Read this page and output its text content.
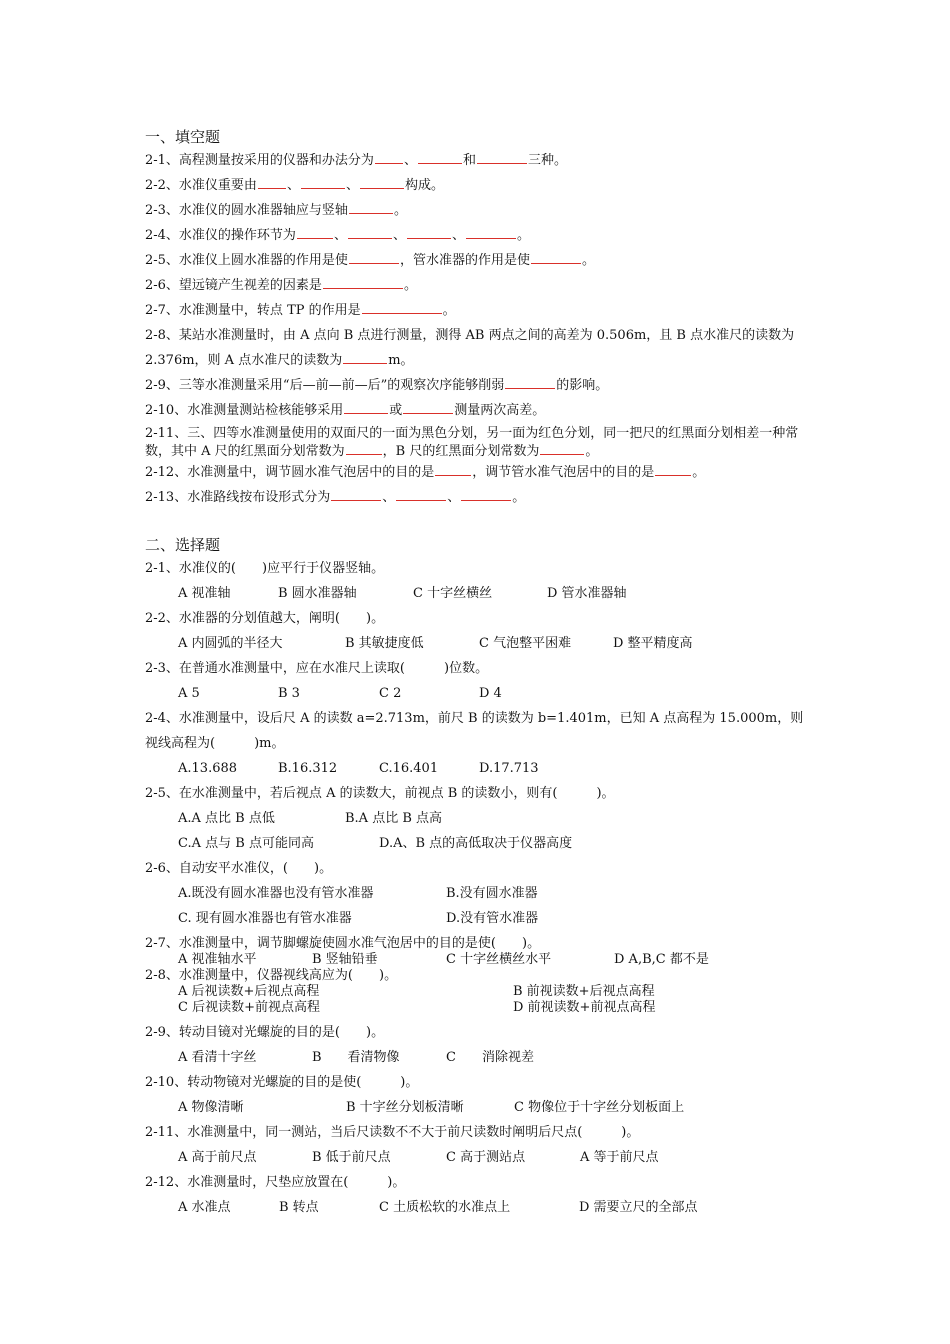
一、填空题
2-1、高程测量按采用的仪器和办法分为 、	和	三种。
2-2、水准仪重要由 、	、	构成。
2-3、水准仪的圆水准器轴应与竖轴	。
2-4、水准仪的操作环节为	、	、	、	。
2-5、水准仪上圆水准器的作用是使	，管水准器的作用是使	。
2-6、望远镜产生视差的因素是	。
2-7、水准测量中，转点 TP 的作用是	。
2-8、某站水准测量时，由 A 点向 B 点进行测量，测得 AB 两点之间的高差为 0.506m，且 B 点水准尺的读数为 2.376m，则 A 点水准尺的读数为	m。
2-9、三等水准测量采用“后—前—前—后”的观察次序能够削弱	的影响。
2-10、水准测量测站检核能够采用	或	测量两次高差。
2-11、三、四等水准测量使用的双面尺的一面为黑色分划，另一面为红色分划，同一把尺的红黑面分划相差一种常数，其中 A 尺的红黑面分划常数为	，B 尺的红黑面分划常数为	。
2-12、水准测量中，调节圆水准气泡居中的目的是	，调节管水准气泡居中的目的是	。
2-13、水准路线按布设形式分为	、	、	。
二、选择题
2-1、水准仪的(　　)应平行于仪器竖轴。
A 视准轴	B 圆水准器轴	C 十字丝横丝	D 管水准器轴
2-2、水准器的分划值越大，阐明(　　)。
A 内圆弧的半径大	B 其敏捷度低	C 气泡整平困难	D 整平精度高
2-3、在普通水准测量中，应在水准尺上读取(　　　)位数。
A 5	B 3	C 2	D 4
2-4、水准测量中，设后尺 A 的读数 a=2.713m，前尺 B 的读数为 b=1.401m，已知 A 点高程为 15.000m，则视线高程为(　　　)m。
A.13.688	B.16.312	C.16.401	D.17.713
2-5、在水准测量中，若后视点 A 的读数大，前视点 B 的读数小，则有(　　　)。
A.A 点比 B 点低	B.A 点比 B 点高
C.A 点与 B 点可能同高	D.A、B 点的高低取决于仪器高度
2-6、自动安平水准仪，(　　)。
A.既没有圆水准器也没有管水准器	B.没有圆水准器
C. 现有圆水准器也有管水准器	D.没有管水准器
2-7、水准测量中，调节脚螺旋使圆水准气泡居中的目的是使(　　)。
A 视准轴水平	B 竖轴铅垂	C 十字丝横丝水平	D A,B,C 都不是
2-8、水准测量中，仪器视线高应为(　　)。
A 后视读数+后视点高程	B 前视读数+后视点高程
C 后视读数+前视点高程	D 前视读数+前视点高程
2-9、转动目镜对光螺旋的目的是(　　)。
A 看清十字丝	B　　看清物像	C　　消除视差
2-10、转动物镜对光螺旋的目的是使(　　　)。
A 物像清晰	B 十字丝分划板清晰	C 物像位于十字丝分划板面上
2-11、水准测量中，同一测站，当后尺读数不不大于前尺读数时阐明后尺点(　　　)。
A 高于前尺点	B 低于前尺点	C 高于测站点	A 等于前尺点
2-12、水准测量时，尺垫应放置在(　　　)。
A 水准点	B 转点	C 土质松软的水准点上	D 需要立尺的全部点
